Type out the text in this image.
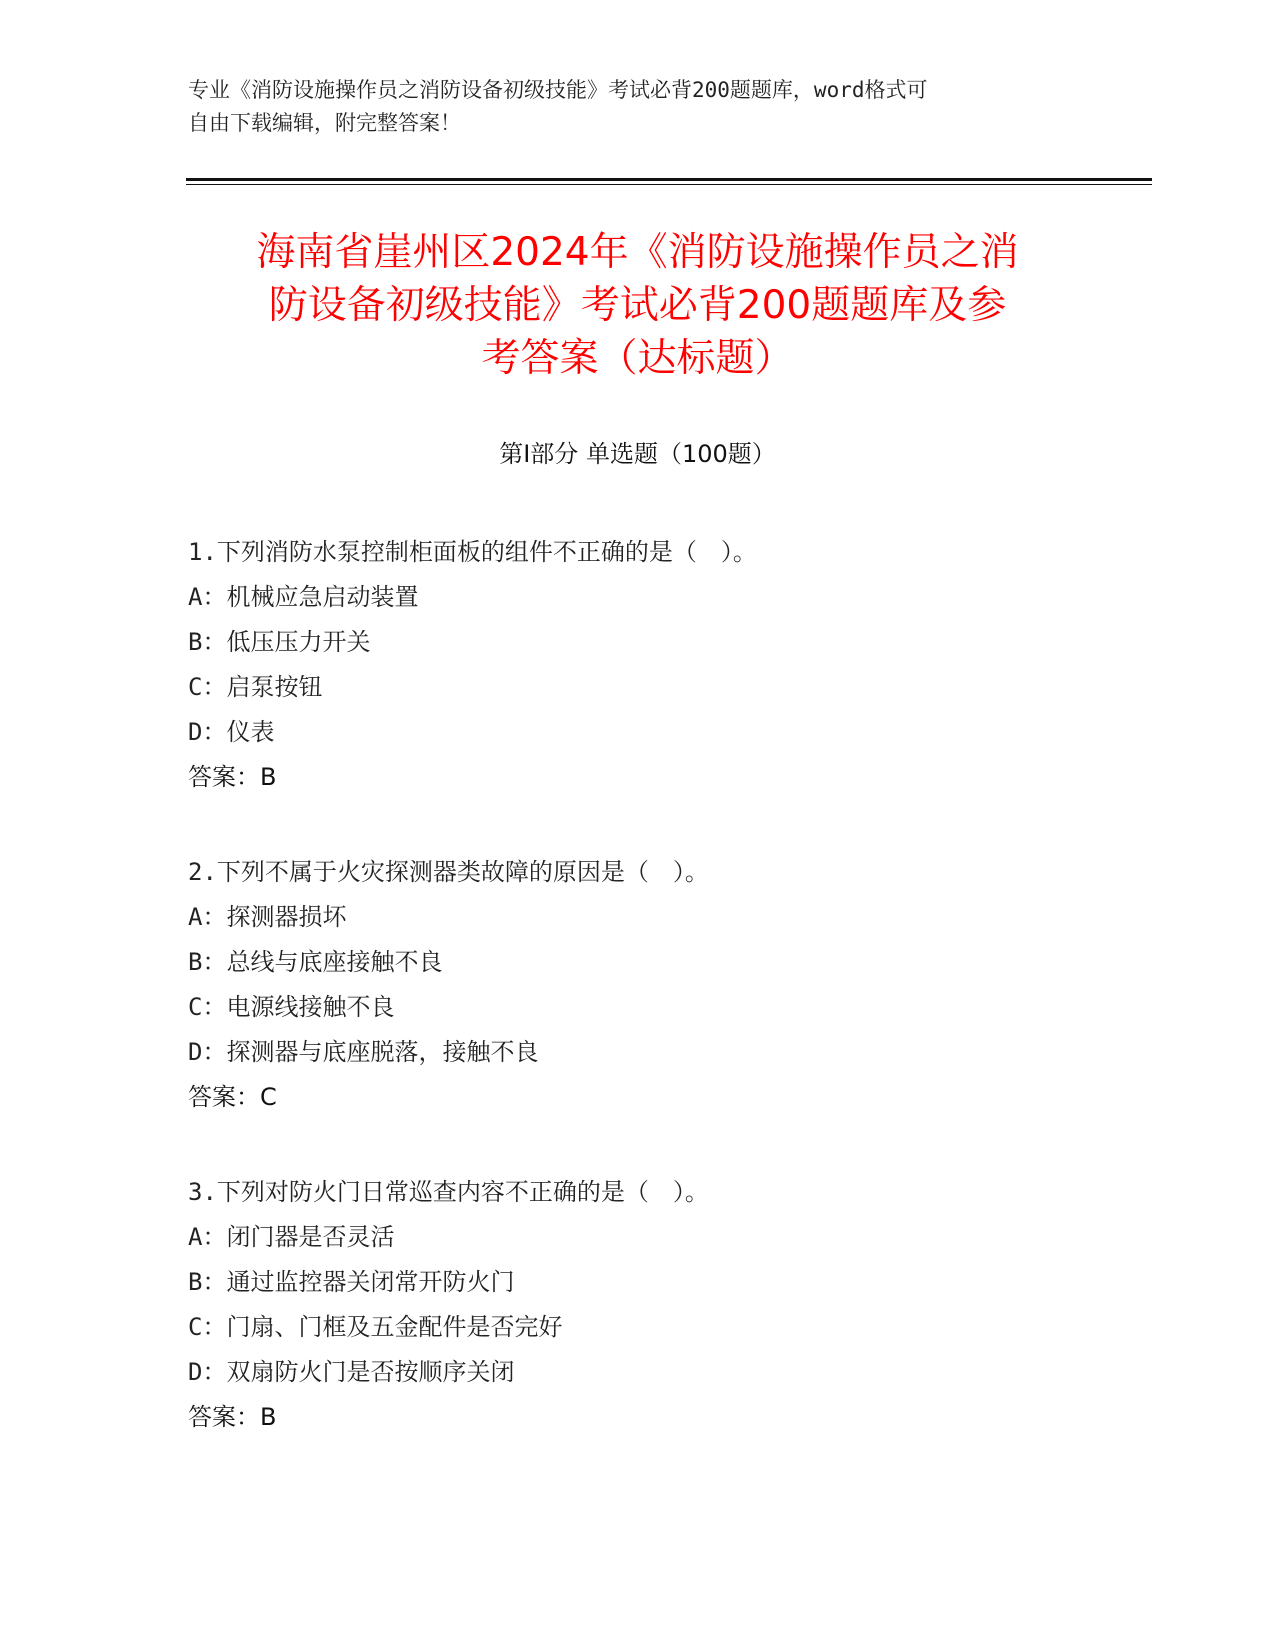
专业《消防设施操作员之消防设备初级技能》考试必背200题题库，word格式可
自由下载编辑，附完整答案！
海南省崖州区2024年《消防设施操作员之消
防设备初级技能》考试必背200题题库及参
考答案（达标题）
第Ⅰ部分 单选题（100题）
1.下列消防水泵控制柜面板的组件不正确的是（　）。
A：机械应急启动装置
B：低压压力开关
C：启泵按钮
D：仪表
答案：B
2.下列不属于火灾探测器类故障的原因是（　）。
A：探测器损坏
B：总线与底座接触不良
C：电源线接触不良
D：探测器与底座脱落，接触不良
答案：C
3.下列对防火门日常巡查内容不正确的是（　）。
A：闭门器是否灵活
B：通过监控器关闭常开防火门
C：门扇、门框及五金配件是否完好
D：双扇防火门是否按顺序关闭
答案：B
